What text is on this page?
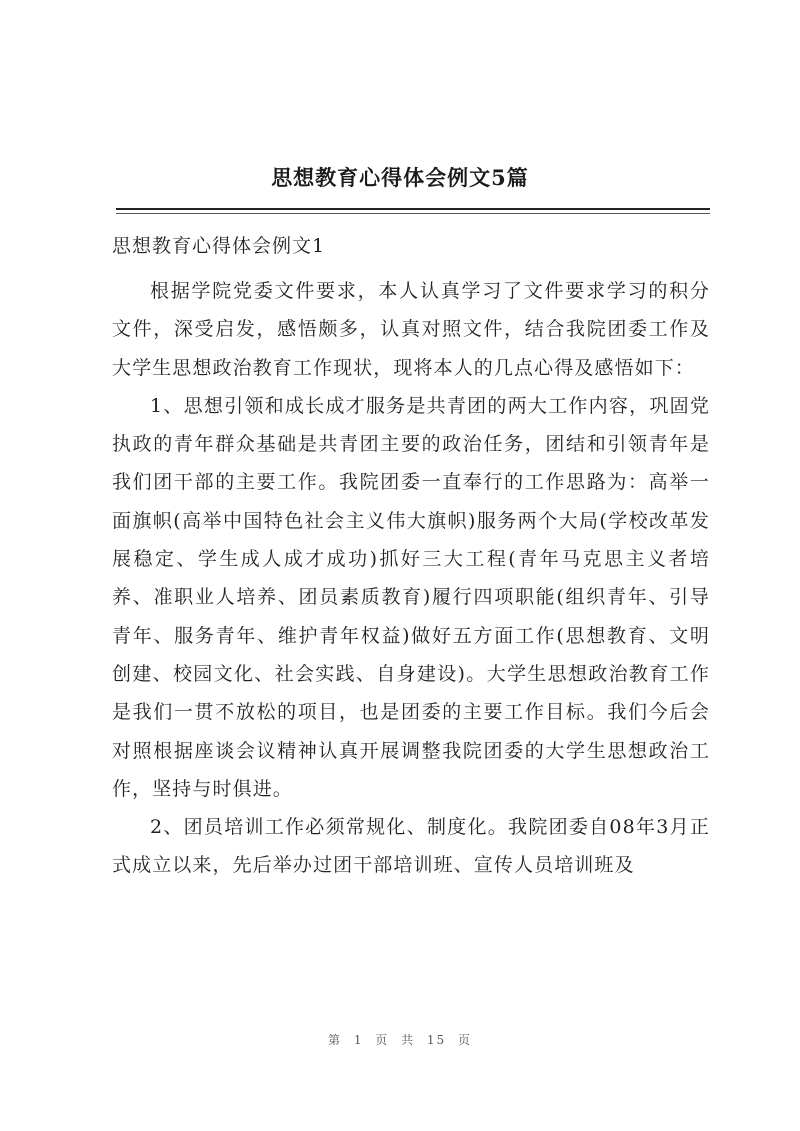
思想教育心得体会例文5篇

思想教育心得体会例文1

根据学院党委文件要求，本人认真学习了文件要求学习的积分文件，深受启发，感悟颇多，认真对照文件，结合我院团委工作及大学生思想政治教育工作现状，现将本人的几点心得及感悟如下：

1、思想引领和成长成才服务是共青团的两大工作内容，巩固党执政的青年群众基础是共青团主要的政治任务，团结和引领青年是我们团干部的主要工作。我院团委一直奉行的工作思路为：高举一面旗帜(高举中国特色社会主义伟大旗帜)服务两个大局(学校改革发展稳定、学生成人成才成功)抓好三大工程(青年马克思主义者培养、准职业人培养、团员素质教育)履行四项职能(组织青年、引导青年、服务青年、维护青年权益)做好五方面工作(思想教育、文明创建、校园文化、社会实践、自身建设)。大学生思想政治教育工作是我们一贯不放松的项目，也是团委的主要工作目标。我们今后会对照根据座谈会议精神认真开展调整我院团委的大学生思想政治工作，坚持与时俱进。

2、团员培训工作必须常规化、制度化。我院团委自08年3月正式成立以来，先后举办过团干部培训班、宣传人员培训班及

第 1 页 共 15 页
